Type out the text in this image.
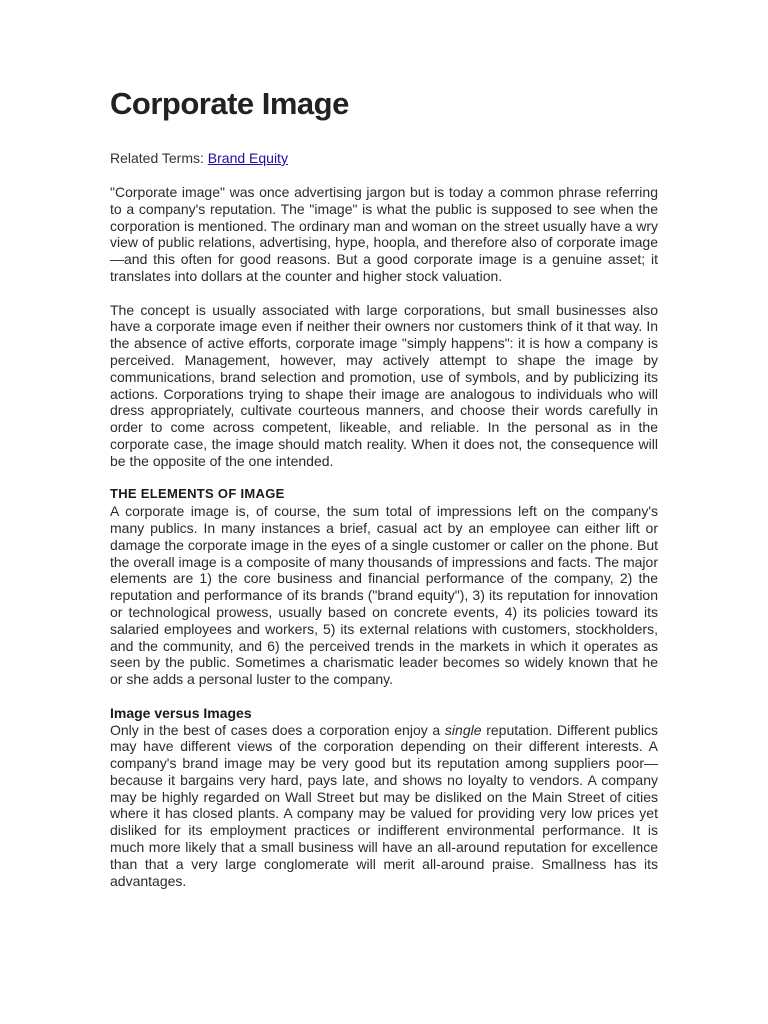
Corporate Image
Related Terms: Brand Equity

"Corporate image" was once advertising jargon but is today a common phrase referring to a company's reputation. The "image" is what the public is supposed to see when the corporation is mentioned. The ordinary man and woman on the street usually have a wry view of public relations, advertising, hype, hoopla, and therefore also of corporate image—and this often for good reasons. But a good corporate image is a genuine asset; it translates into dollars at the counter and higher stock valuation.

The concept is usually associated with large corporations, but small businesses also have a corporate image even if neither their owners nor customers think of it that way. In the absence of active efforts, corporate image "simply happens": it is how a company is perceived. Management, however, may actively attempt to shape the image by communications, brand selection and promotion, use of symbols, and by publicizing its actions. Corporations trying to shape their image are analogous to individuals who will dress appropriately, cultivate courteous manners, and choose their words carefully in order to come across competent, likeable, and reliable. In the personal as in the corporate case, the image should match reality. When it does not, the consequence will be the opposite of the one intended.

THE ELEMENTS OF IMAGE

A corporate image is, of course, the sum total of impressions left on the company's many publics. In many instances a brief, casual act by an employee can either lift or damage the corporate image in the eyes of a single customer or caller on the phone. But the overall image is a composite of many thousands of impressions and facts. The major elements are 1) the core business and financial performance of the company, 2) the reputation and performance of its brands ("brand equity"), 3) its reputation for innovation or technological prowess, usually based on concrete events, 4) its policies toward its salaried employees and workers, 5) its external relations with customers, stockholders, and the community, and 6) the perceived trends in the markets in which it operates as seen by the public. Sometimes a charismatic leader becomes so widely known that he or she adds a personal luster to the company.

Image versus Images

Only in the best of cases does a corporation enjoy a single reputation. Different publics may have different views of the corporation depending on their different interests. A company's brand image may be very good but its reputation among suppliers poor—because it bargains very hard, pays late, and shows no loyalty to vendors. A company may be highly regarded on Wall Street but may be disliked on the Main Street of cities where it has closed plants. A company may be valued for providing very low prices yet disliked for its employment practices or indifferent environmental performance. It is much more likely that a small business will have an all-around reputation for excellence than that a very large conglomerate will merit all-around praise. Smallness has its advantages.
